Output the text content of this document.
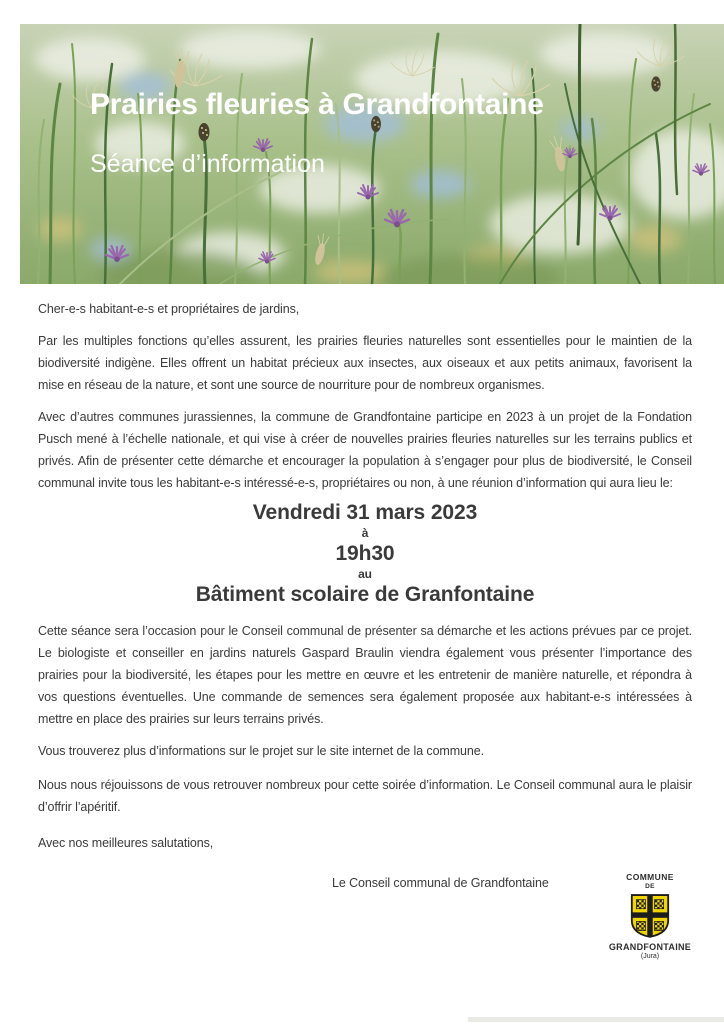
Prairies fleuries à Grandfontaine
Séance d’information

Cher-e-s habitant-e-s et propriétaires de jardins,

Par les multiples fonctions qu’elles assurent, les prairies fleuries naturelles sont essentielles pour le maintien de la biodiversité indigène. Elles offrent un habitat précieux aux insectes, aux oiseaux et aux petits animaux, favorisent la mise en réseau de la nature, et sont une source de nourriture pour de nombreux organismes.

Avec d’autres communes jurassiennes, la commune de Grandfontaine participe en 2023 à un projet de la Fondation Pusch mené à l’échelle nationale, et qui vise à créer de nouvelles prairies fleuries naturelles sur les terrains publics et privés. Afin de présenter cette démarche et encourager la population à s’engager pour plus de biodiversité, le Conseil communal invite tous les habitant-e-s intéressé-e-s, propriétaires ou non, à une réunion d’information qui aura lieu le:

Vendredi 31 mars 2023
à
19h30
au
Bâtiment scolaire de Granfontaine

Cette séance sera l’occasion pour le Conseil communal de présenter sa démarche et les actions prévues par ce projet. Le biologiste et conseiller en jardins naturels Gaspard Braulin viendra également vous présenter l’importance des prairies pour la biodiversité, les étapes pour les mettre en œuvre et les entretenir de manière naturelle, et répondra à vos questions éventuelles. Une commande de semences sera également proposée aux habitant-e-s intéressées à mettre en place des prairies sur leurs terrains privés.

Vous trouverez plus d’informations sur le projet sur le site internet de la commune.

Nous nous réjouissons de vous retrouver nombreux pour cette soirée d’information. Le Conseil communal aura le plaisir d’offrir l’apéritif.

Avec nos meilleures salutations,

Le Conseil communal de Grandfontaine	COMMUNE
DE
GRANDFONTAINE
(Jura)
